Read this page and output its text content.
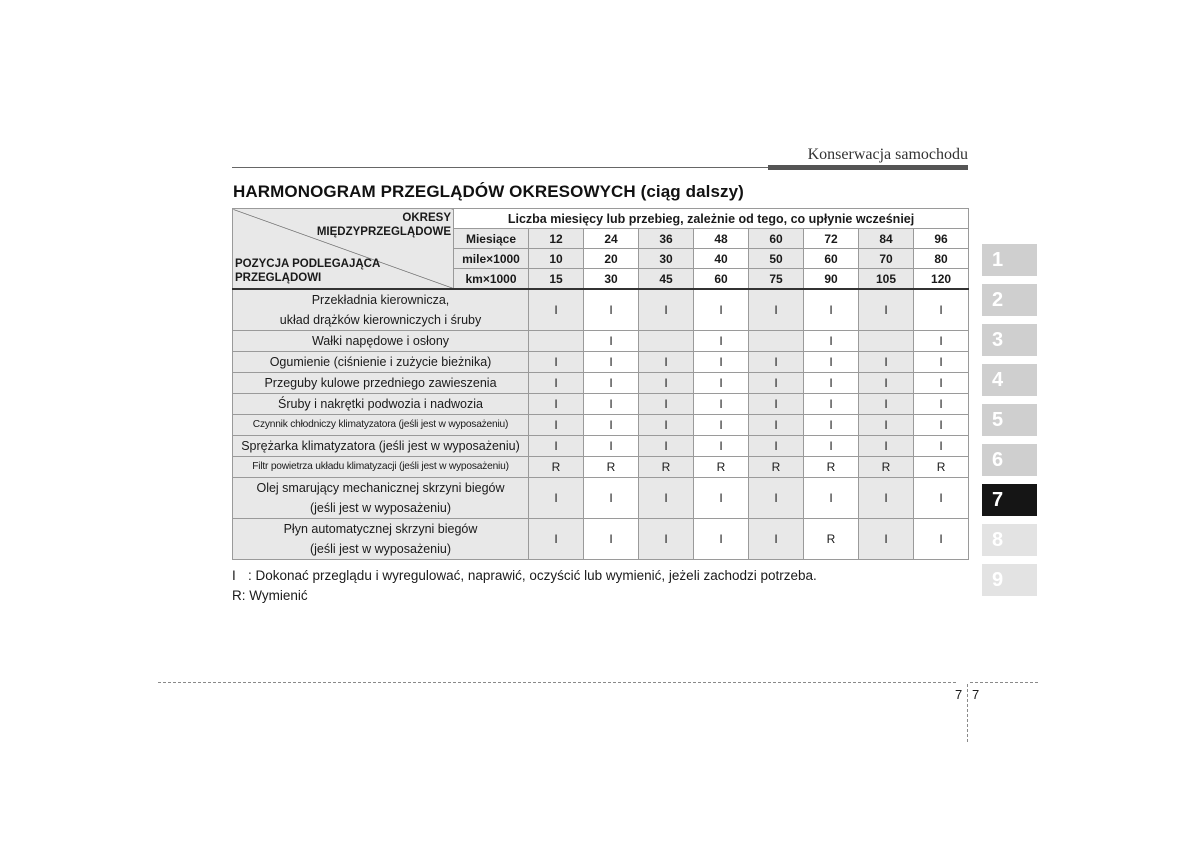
Konserwacja samochodu
HARMONOGRAM PRZEGLĄDÓW OKRESOWYCH (ciąg dalszy)
OKRESY
MIĘDZYPRZEGLĄDOWE
POZYCJA PODLEGAJĄCA
PRZEGLĄDOWI	Liczba miesięcy lub przebieg, zależnie od tego, co upłynie wcześniej								
	Miesiące	12	24	36	48	60	72	84	96
	mile×1000	10	20	30	40	50	60	70	80
	km×1000	15	30	45	60	75	90	105	120

Przekładnia kierownicza,
układ drążków kierowniczych i śruby		I	I	I	I	I	I	I	I

Wałki napędowe i osłony			I		I		I		I

Ogumienie (ciśnienie i zużycie bieżnika)		I	I	I	I	I	I	I	I

Przeguby kulowe przedniego zawieszenia		I	I	I	I	I	I	I	I

Śruby i nakrętki podwozia i nadwozia		I	I	I	I	I	I	I	I

Czynnik chłodniczy klimatyzatora (jeśli jest w wyposażeniu)		I	I	I	I	I	I	I	I

Sprężarka klimatyzatora (jeśli jest w wyposażeniu)		I	I	I	I	I	I	I	I

Filtr powietrza układu klimatyzacji (jeśli jest w wyposażeniu)		R	R	R	R	R	R	R	R

Olej smarujący mechanicznej skrzyni biegów
(jeśli jest w wyposażeniu)		I	I	I	I	I	I	I	I

Płyn automatycznej skrzyni biegów
(jeśli jest w wyposażeniu)		I	I	I	I	I	R	I	I
I : Dokonać przeglądu i wyregulować, naprawić, oczyścić lub wymienić, jeżeli zachodzi potrzeba.
R : Wymienić
1
2
3
4
5
6
7
8
9
7 7
